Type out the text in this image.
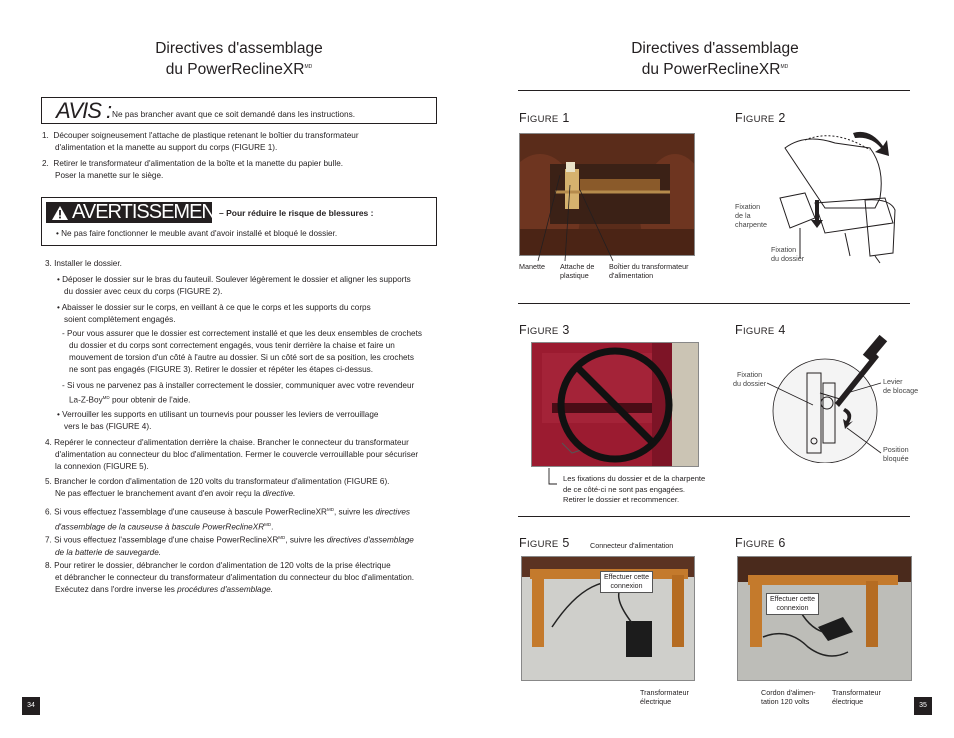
Directives d'assemblage
du PowerReclineXR$^{MD}$
AVIS : Ne pas brancher avant que ce soit demandé dans les instructions.
1. Découper soigneusement l'attache de plastique retenant le boîtier du transformateur
d'alimentation et la manette au support du corps (FIGURE 1).
2. Retirer le transformateur d'alimentation de la boîte et la manette du papier bulle.
Poser la manette sur le siège.
AVERTISSEMENT
– Pour réduire le risque de blessures :
• Ne pas faire fonctionner le meuble avant d'avoir installé et bloqué le dossier.
3. Installer le dossier.
• Déposer le dossier sur le bras du fauteuil. Soulever légèrement le dossier et aligner les supports
du dossier avec ceux du corps (FIGURE 2).
• Abaisser le dossier sur le corps, en veillant à ce que le corps et les supports du corps
soient complètement engagés.
- Pour vous assurer que le dossier est correctement installé et que les deux ensembles de crochets
du dossier et du corps sont correctement engagés, vous tenir derrière la chaise et faire un
mouvement de torsion d'un côté à l'autre au dossier. Si un côté sort de sa position, les crochets
ne sont pas engagés (FIGURE 3). Retirer le dossier et répéter les étapes ci-dessus.
- Si vous ne parvenez pas à installer correctement le dossier, communiquer avec votre revendeur
La-Z-Boy$^{MD}$ pour obtenir de l'aide.
• Verrouiller les supports en utilisant un tournevis pour pousser les leviers de verrouillage
vers le bas (FIGURE 4).
4. Repérer le connecteur d'alimentation derrière la chaise. Brancher le connecteur du transformateur
d'alimentation au connecteur du bloc d'alimentation. Fermer le couvercle verrouillable pour sécuriser
la connexion (FIGURE 5).
5. Brancher le cordon d'alimentation de 120 volts du transformateur d'alimentation (FIGURE 6).
Ne pas effectuer le branchement avant d'en avoir reçu la directive.
6. Si vous effectuez l'assemblage d'une causeuse à bascule PowerReclineXR$^{MD}$, suivre les directives
d'assemblage de la causeuse à bascule PowerReclineXR$^{MD}$.
7. Si vous effectuez l'assemblage d'une chaise PowerReclineXR$^{MD}$, suivre les directives d'assemblage
de la batterie de sauvegarde.
8. Pour retirer le dossier, débrancher le cordon d'alimentation de 120 volts de la prise électrique
et débrancher le connecteur du transformateur d'alimentation du connecteur du bloc d'alimentation.
Exécutez dans l'ordre inverse les procédures d'assemblage.
34
Directives d'assemblage
du PowerReclineXR$^{MD}$
FIGURE 1
Manette Attache de
plastique
Boîtier du transformateur
d'alimentation
FIGURE 2
Fixation
de la
charpente
Fixation
du dossier
FIGURE 3
Les fixations du dossier et de la charpente
de ce côté-ci ne sont pas engagées.
Retirer le dossier et recommencer.
FIGURE 4
Fixation
du dossier	Levier
de blocage
Position
bloquée
FIGURE 5	Connecteur d'alimentation
Effectuer cette
connexion
Transformateur
électrique
FIGURE 6
Effectuer cette
connexion
Cordon d'alimen-
tation 120 volts
Transformateur
électrique	35
